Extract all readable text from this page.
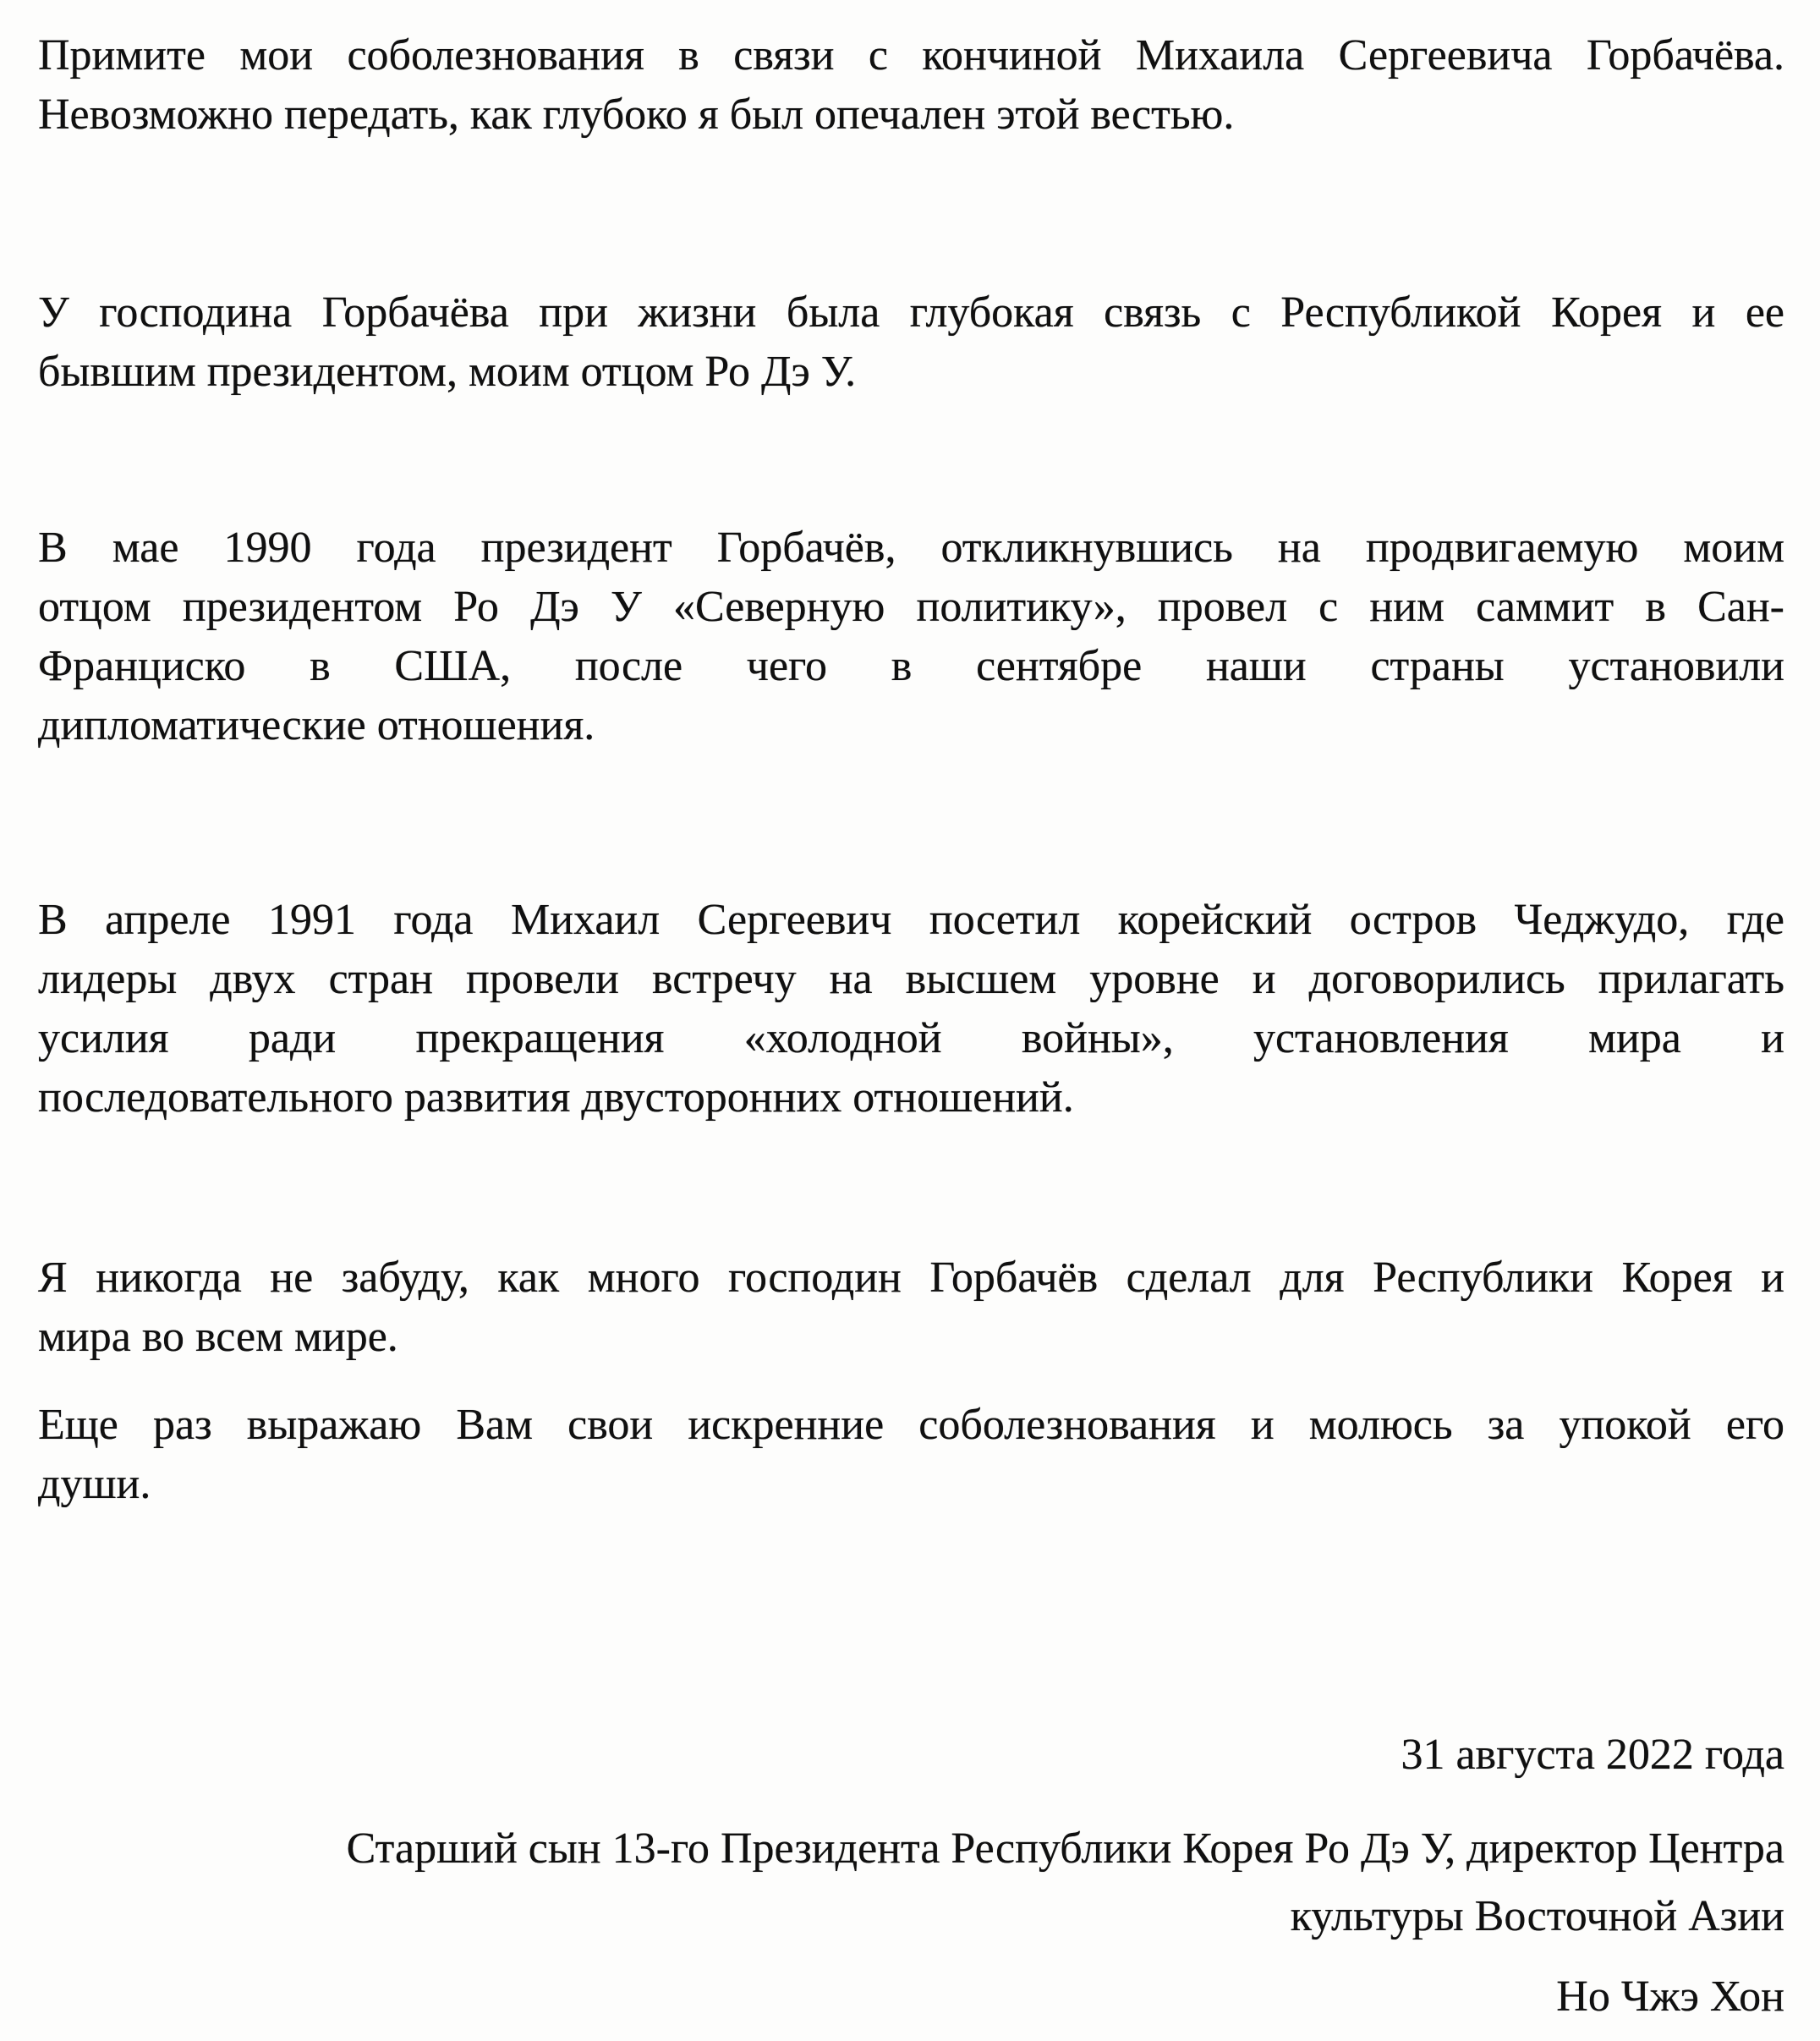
Примите мои соболезнования в связи с кончиной Михаила Сергеевича Горбачёва.
Невозможно передать, как глубоко я был опечален этой вестью.
У господина Горбачёва при жизни была глубокая связь с Республикой Корея и ее
бывшим президентом, моим отцом Ро Дэ У.
В мае 1990 года президент Горбачёв, откликнувшись на продвигаемую моим
отцом президентом Ро Дэ У «Северную политику», провел с ним саммит в Сан-
Франциско в США, после чего в сентябре наши страны установили
дипломатические отношения.
В апреле 1991 года Михаил Сергеевич посетил корейский остров Чеджудо, где
лидеры двух стран провели встречу на высшем уровне и договорились прилагать
усилия ради прекращения «холодной войны», установления мира и
последовательного развития двусторонних отношений.
Я никогда не забуду, как много господин Горбачёв сделал для Республики Корея и
мира во всем мире.
Еще раз выражаю Вам свои искренние соболезнования и молюсь за упокой его
души.
31 августа 2022 года
Старший сын 13-го Президента Республики Корея Ро Дэ У, директор Центра
культуры Восточной Азии
Но Чжэ Хон
